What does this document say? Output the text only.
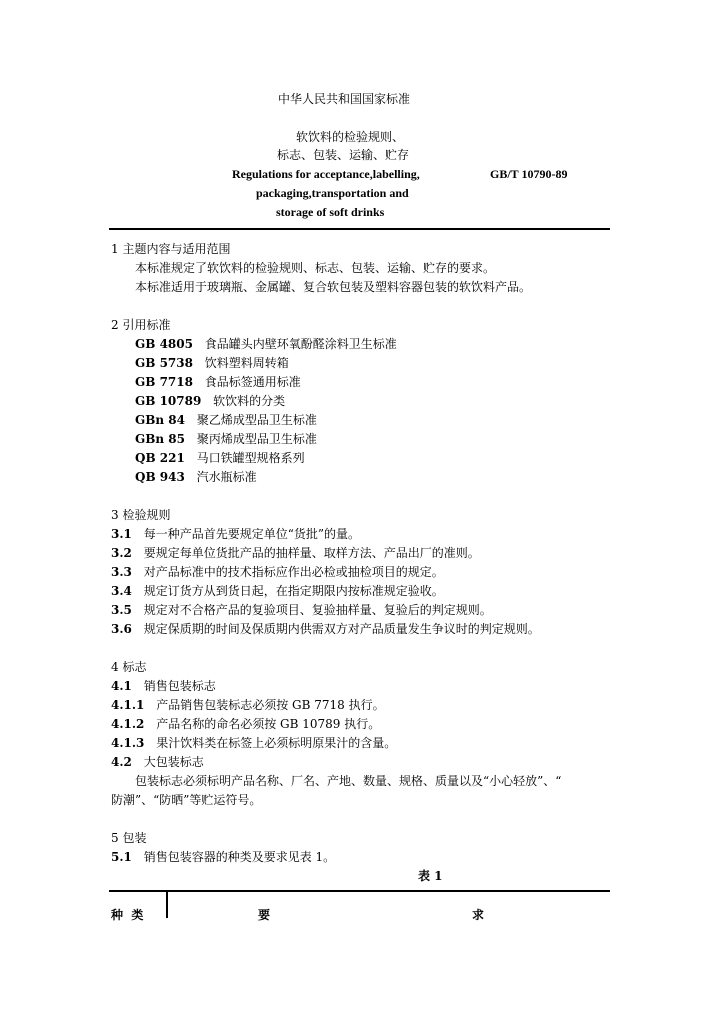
中华人民共和国国家标准
软饮料的检验规则、
标志、包装、运输、贮存
Regulations for acceptance,labelling,	GB/T 10790-89
packaging,transportation and
storage of soft drinks
1 主题内容与适用范围
本标准规定了软饮料的检验规则、标志、包装、运输、贮存的要求。
本标准适用于玻璃瓶、金属罐、复合软包装及塑料容器包装的软饮料产品。
2 引用标准
GB 4805 食品罐头内壁环氧酚醛涂料卫生标准
GB 5738 饮料塑料周转箱
GB 7718 食品标签通用标准
GB 10789 软饮料的分类
GBn 84 聚乙烯成型品卫生标准
GBn 85 聚丙烯成型品卫生标准
QB 221 马口铁罐型规格系列
QB 943 汽水瓶标准
3 检验规则
3.1 每一种产品首先要规定单位“货批”的量。
3.2 要规定每单位货批产品的抽样量、取样方法、产品出厂的准则。
3.3 对产品标准中的技术指标应作出必检或抽检项目的规定。
3.4 规定订货方从到货日起，在指定期限内按标准规定验收。
3.5 规定对不合格产品的复验项目、复验抽样量、复验后的判定规则。
3.6 规定保质期的时间及保质期内供需双方对产品质量发生争议时的判定规则。
4 标志
4.1 销售包装标志
4.1.1 产品销售包装标志必须按 GB 7718 执行。
4.1.2 产品名称的命名必须按 GB 10789 执行。
4.1.3 果汁饮料类在标签上必须标明原果汁的含量。
4.2 大包装标志
包装标志必须标明产品名称、厂名、产地、数量、规格、质量以及“小心轻放”、“
防潮”、“防晒”等贮运符号。
5 包装
5.1 销售包装容器的种类及要求见表 1。
表 1
种  类	要	求
